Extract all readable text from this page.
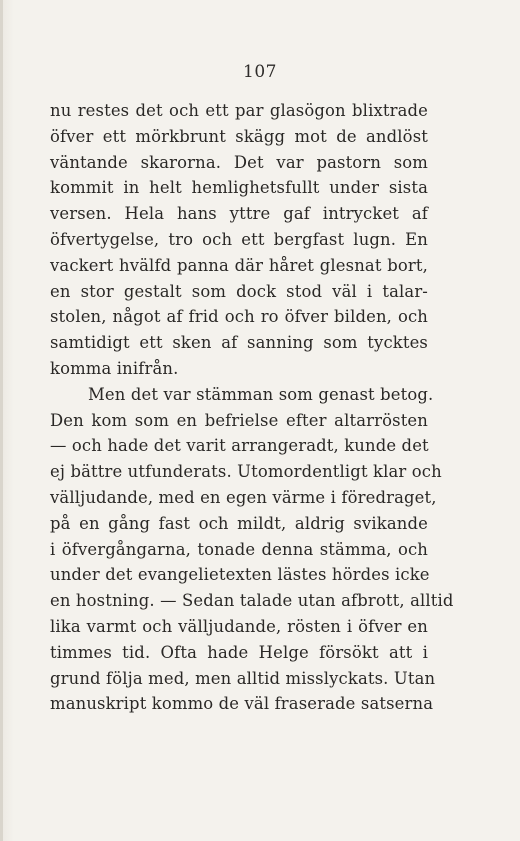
107
nu restes det och ett par glasögon blixtrade
öfver ett mörkbrunt skägg mot de andlöst
väntande skarorna. Det var pastorn som
kommit in helt hemlighetsfullt under sista
versen. Hela hans yttre gaf intrycket af
öfvertygelse, tro och ett bergfast lugn. En
vackert hvälfd panna där håret glesnat bort,
en stor gestalt som dock stod väl i talar-
stolen, något af frid och ro öfver bilden, och
samtidigt ett sken af sanning som tycktes
komma inifrån.
Men det var stämman som genast betog.
Den kom som en befrielse efter altarrösten
— och hade det varit arrangeradt, kunde det
ej bättre utfunderats. Utomordentligt klar och
välljudande, med en egen värme i föredraget,
på en gång fast och mildt, aldrig svikande
i öfvergångarna, tonade denna stämma, och
under det evangelietexten lästes hördes icke
en hostning. — Sedan talade utan afbrott, alltid
lika varmt och välljudande, rösten i öfver en
timmes tid. Ofta hade Helge försökt att i
grund följa med, men alltid misslyckats. Utan
manuskript kommo de väl fraserade satserna
